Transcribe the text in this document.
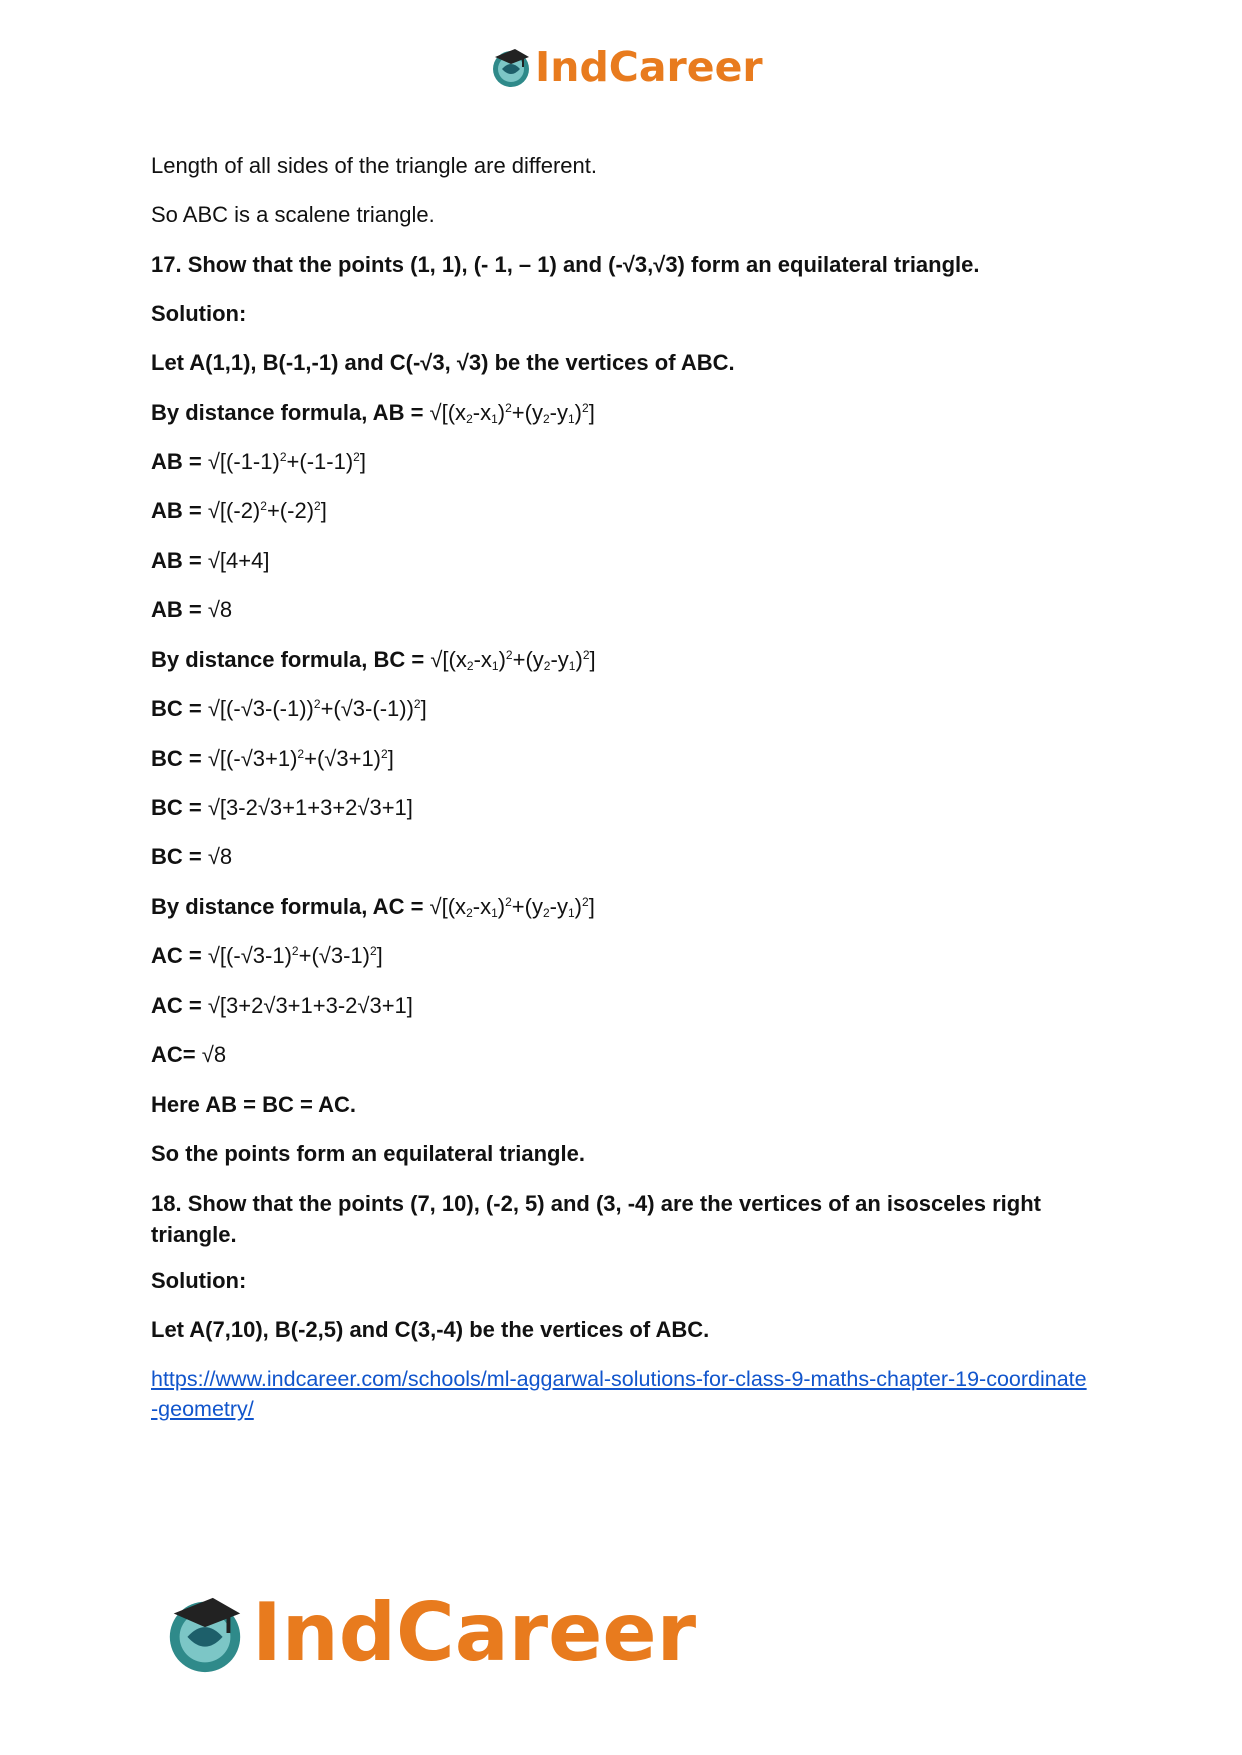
IndCareer
Length of all sides of the triangle are different.
So ABC is a scalene triangle.
17. Show that the points (1, 1), (- 1, – 1) and (-√3,√3) form an equilateral triangle.
Solution:
Let A(1,1), B(-1,-1) and C(-√3, √3) be the vertices of ABC.
By distance formula, AB = $√[(x_2-x_1)^2+(y_2-y_1)^2]$
AB = $√[(-1-1)^2+(-1-1)^2]$
AB = $√[(-2)^2+(-2)^2]$
AB = √[4+4]
AB = √8
By distance formula, BC = $√[(x_2-x_1)^2+(y_2-y_1)^2]$
BC = $√[(-√3-(-1))^2+(√3-(-1))^2]$
BC = $√[(-√3+1)^2+(√3+1)^2]$
BC = √[3-2√3+1+3+2√3+1]
BC = √8
By distance formula, AC = $√[(x_2-x_1)^2+(y_2-y_1)^2]$
AC = $√[(-√3-1)^2+(√3-1)^2]$
AC = √[3+2√3+1+3-2√3+1]
AC= √8
Here AB = BC = AC.
So the points form an equilateral triangle.
18. Show that the points (7, 10), (-2, 5) and (3, -4) are the vertices of an isosceles right triangle.
Solution:
Let A(7,10), B(-2,5) and C(3,-4) be the vertices of ABC.
https://www.indcareer.com/schools/ml-aggarwal-solutions-for-class-9-maths-chapter-19-coordinate-geometry/
IndCareer
